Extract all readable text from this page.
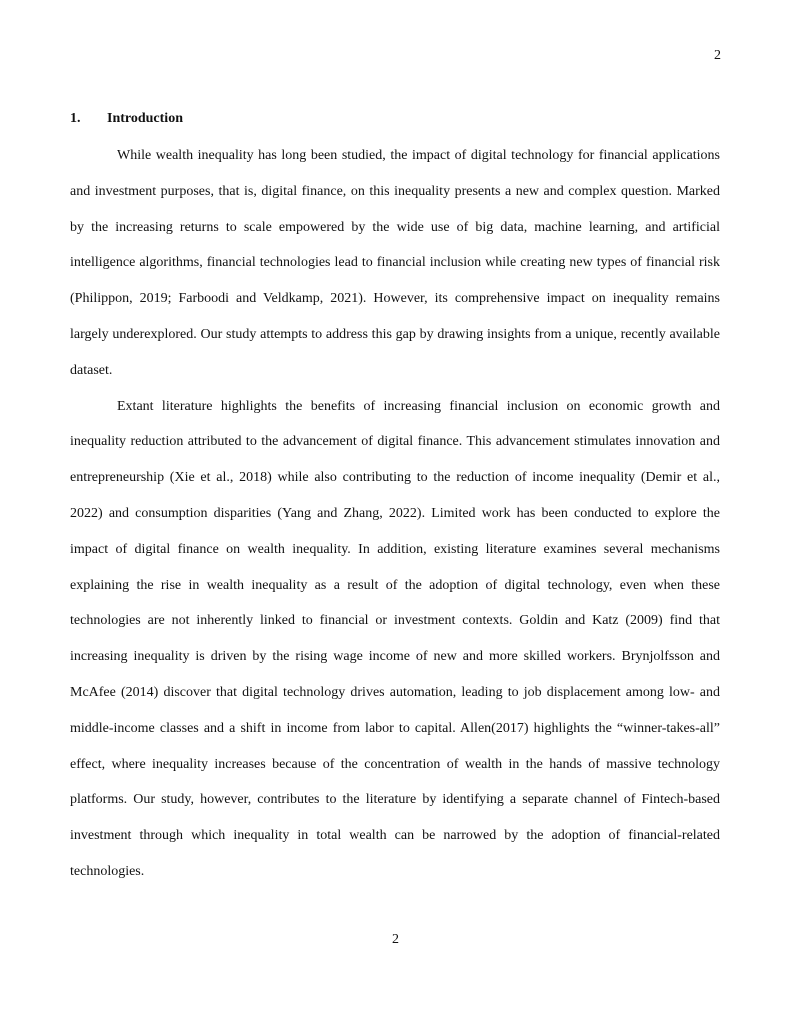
2
1.	Introduction

While wealth inequality has long been studied, the impact of digital technology for financial applications and investment purposes, that is, digital finance, on this inequality presents a new and complex question. Marked by the increasing returns to scale empowered by the wide use of big data, machine learning, and artificial intelligence algorithms, financial technologies lead to financial inclusion while creating new types of financial risk (Philippon, 2019; Farboodi and Veldkamp, 2021). However, its comprehensive impact on inequality remains largely underexplored. Our study attempts to address this gap by drawing insights from a unique, recently available dataset.

Extant literature highlights the benefits of increasing financial inclusion on economic growth and inequality reduction attributed to the advancement of digital finance. This advancement stimulates innovation and entrepreneurship (Xie et al., 2018) while also contributing to the reduction of income inequality (Demir et al., 2022) and consumption disparities (Yang and Zhang, 2022). Limited work has been conducted to explore the impact of digital finance on wealth inequality. In addition, existing literature examines several mechanisms explaining the rise in wealth inequality as a result of the adoption of digital technology, even when these technologies are not inherently linked to financial or investment contexts. Goldin and Katz (2009) find that increasing inequality is driven by the rising wage income of new and more skilled workers. Brynjolfsson and McAfee (2014) discover that digital technology drives automation, leading to job displacement among low- and middle-income classes and a shift in income from labor to capital. Allen(2017) highlights the “winner-takes-all” effect, where inequality increases because of the concentration of wealth in the hands of massive technology platforms. Our study, however, contributes to the literature by identifying a separate channel of Fintech-based investment through which inequality in total wealth can be narrowed by the adoption of financial-related technologies.

2
